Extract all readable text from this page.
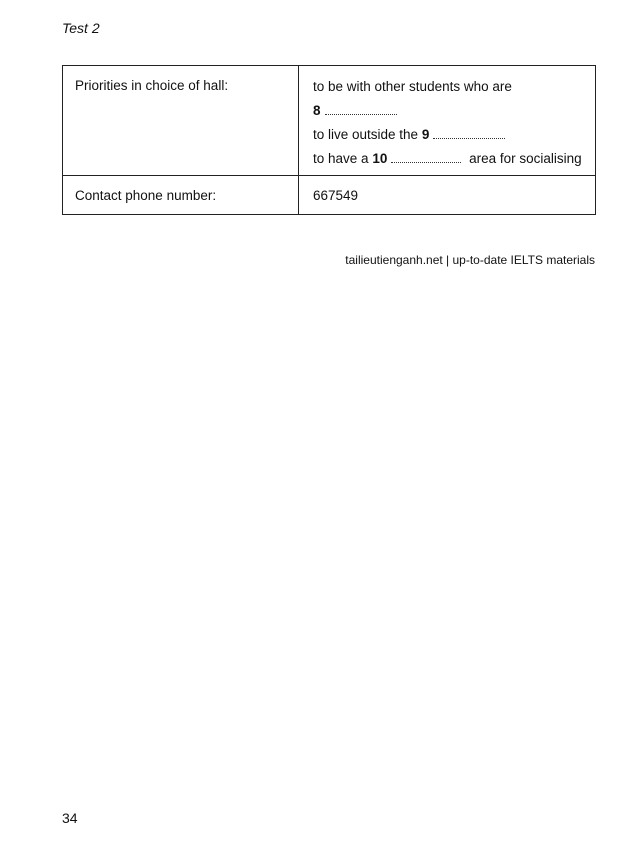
Test 2
Priorities in choice of hall:	to be with other students who are
8
to live outside the 9
to have a 10 area for socialising

Contact phone number:	667549
tailieutienganh.net | up-to-date IELTS materials
34
